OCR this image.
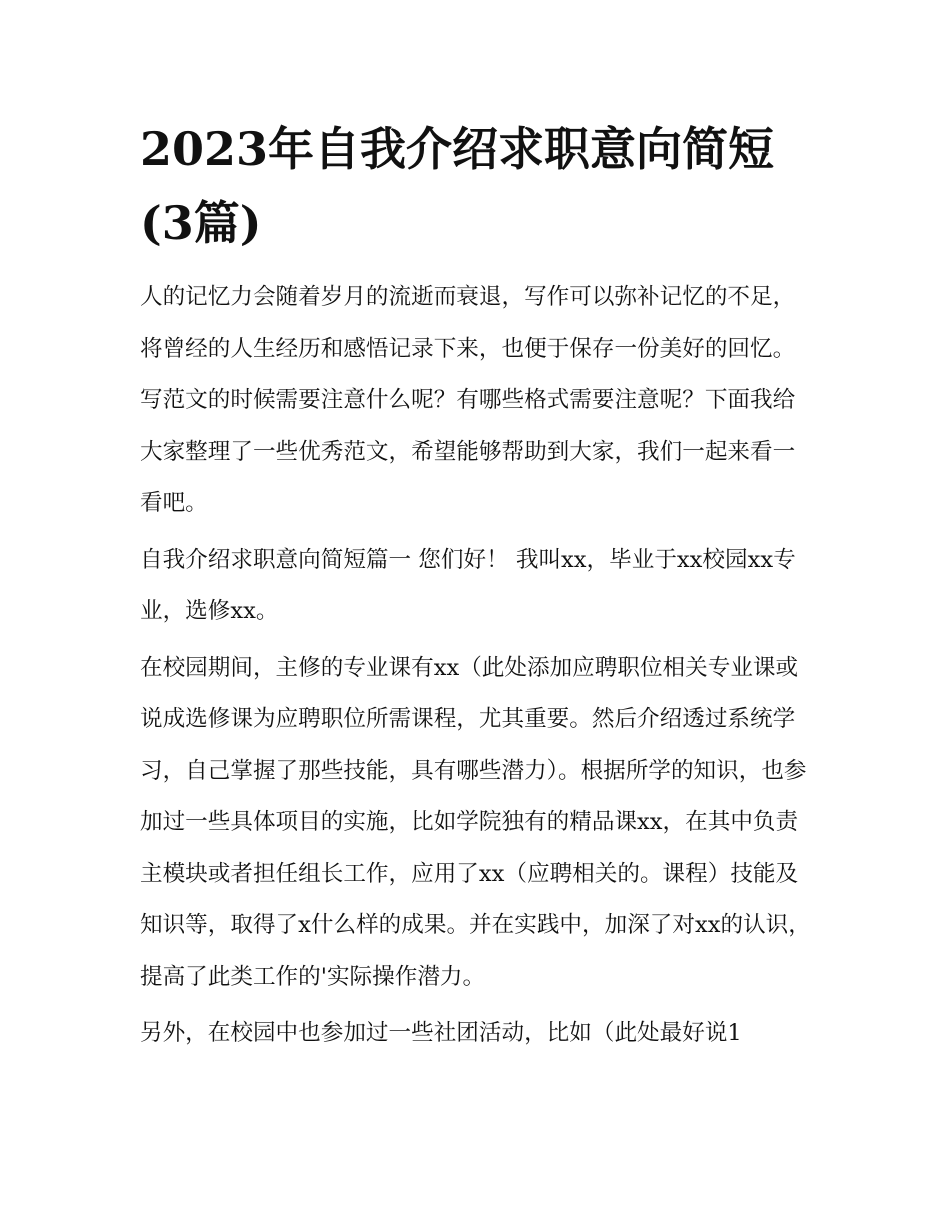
2023年自我介绍求职意向简短(3篇)

人的记忆力会随着岁月的流逝而衰退，写作可以弥补记忆的不足，将曾经的人生经历和感悟记录下来，也便于保存一份美好的回忆。写范文的时候需要注意什么呢？有哪些格式需要注意呢？下面我给大家整理了一些优秀范文，希望能够帮助到大家，我们一起来看一看吧。

自我介绍求职意向简短篇一 您们好！ 我叫xx，毕业于xx校园xx专业，选修xx。

在校园期间，主修的专业课有xx（此处添加应聘职位相关专业课或说成选修课为应聘职位所需课程，尤其重要。然后介绍透过系统学习，自己掌握了那些技能，具有哪些潜力）。根据所学的知识，也参加过一些具体项目的实施，比如学院独有的精品课xx，在其中负责主模块或者担任组长工作，应用了xx（应聘相关的。课程）技能及知识等，取得了x什么样的成果。并在实践中，加深了对xx的认识，提高了此类工作的'实际操作潜力。

另外，在校园中也参加过一些社团活动，比如（此处最好说1
